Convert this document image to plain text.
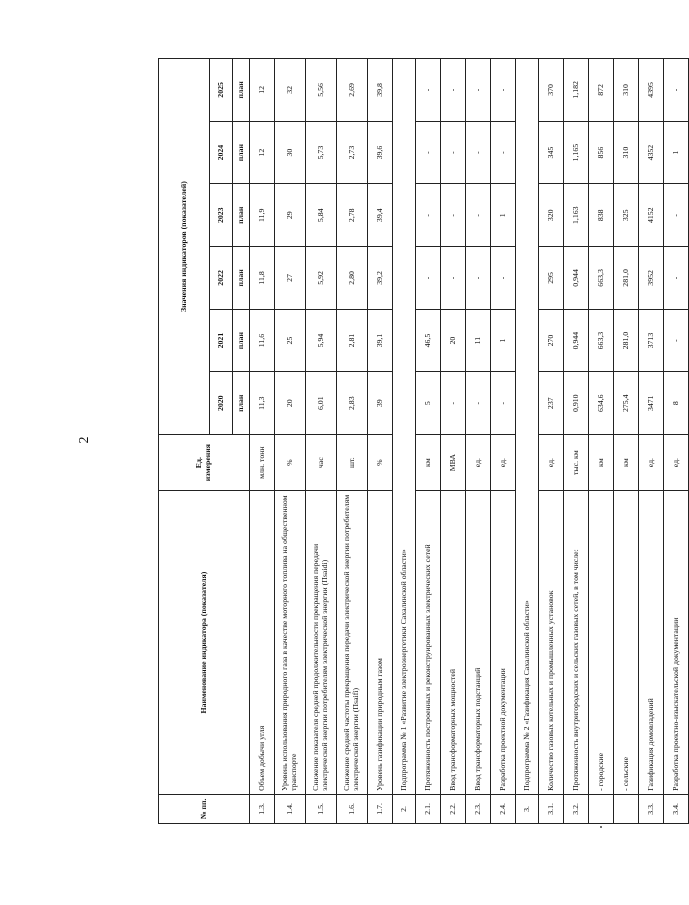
2
№ пп.	Наименование индикатора (показателя)	Ед. измерения	Значения индикаторов (показателей)					
			2020	2021	2022	2023	2024	2025
			план	план	план	план	план	план
1.3.	Объем добычи угля	млн. тонн	11,3	11,6	11,8	11,9	12	12
1.4.	Уровень использования природного газа в качестве моторного топлива на общественном транспорте	%	20	25	27	29	30	32
1.5.	Снижение показателя средней продолжительности прекращения передачи электрической энергии потребителям электрической энергии (Пsaidi)	час	6,01	5,94	5,92	5,84	5,73	5,56
1.6.	Снижение средней частоты прекращения передачи электрической энергии потребителям электрической энергии (Пsaifi)	шт.	2,83	2,81	2,80	2,78	2,73	2,69
1.7.	Уровень газификации природным газом	%	39	39,1	39,2	39,4	39,6	39,8
2.	Подпрограмма № 1 «Развитие электроэнергетики Сахалинской области»							
2.1.	Протяженность построенных и реконструированных электрических сетей	км	5	46,5	-	-	-	-
2.2.	Ввод трансформаторных мощностей	МВА	-	20	-	-	-	-
2.3.	Ввод трансформаторных подстанций	ед.	-	11	-	-	-	-
2.4.	Разработка проектной документации	ед.	-	1	-	1	-	-
3.	Подпрограмма № 2 «Газификация Сахалинской области»							
3.1.	Количество газовых котельных и промышленных установок	ед.	237	270	295	320	345	370
3.2.	Протяженность внутригородских и сельских газовых сетей, в том числе:	тыс. км	0,910	0,944	0,944	1,163	1,165	1,182
	- городские	км	634,6	663,3	663,3	838	856	872
	- сельские	км	275,4	281,0	281,0	325	310	310
3.3.	Газификация домовладений	ед.	3471	3713	3952	4152	4352	4395
3.4.	Разработка проектно-изыскательской документации	ед.	8	-	-	-	1	-
